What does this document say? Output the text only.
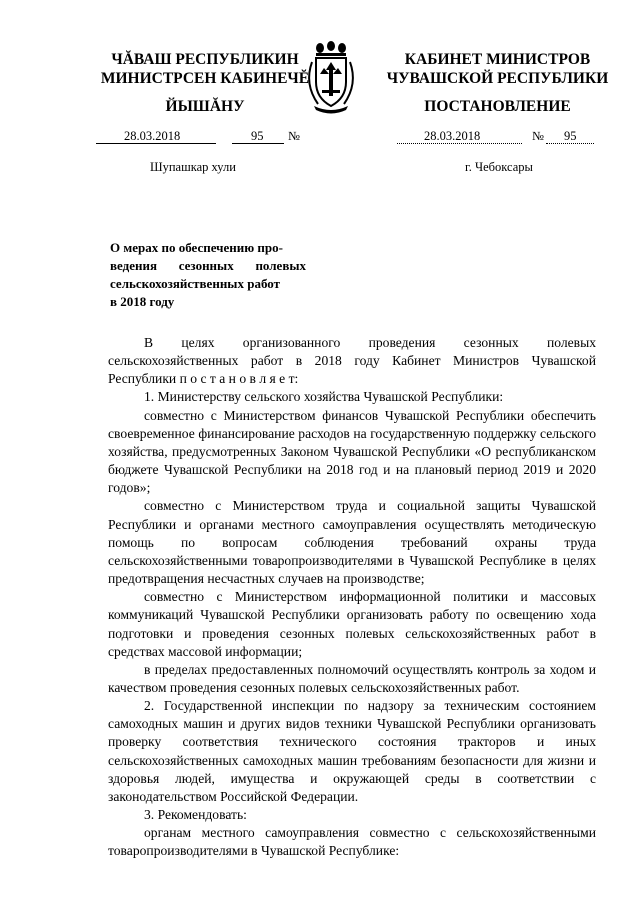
ЧĂВАШ РЕСПУБЛИКИН
МИНИСТРСЕН КАБИНЕЧĔ
ЙЫШĂНУ
КАБИНЕТ МИНИСТРОВ
ЧУВАШСКОЙ РЕСПУБЛИКИ
ПОСТАНОВЛЕНИЕ
28.03.2018	95 №	28.03.2018	№ 95
Шупашкар хули	г. Чебоксары
О мерах по обеспечению про-
ведения сезонных полевых
сельскохозяйственных работ
в 2018 году

В целях организованного проведения сезонных полевых сельскохозяйственных работ в 2018 году Кабинет Министров Чувашской Республики п о с т а н о в л я е т:

1. Министерству сельского хозяйства Чувашской Республики:

совместно с Министерством финансов Чувашской Республики обеспечить своевременное финансирование расходов на государственную поддержку сельского хозяйства, предусмотренных Законом Чувашской Республики «О республиканском бюджете Чувашской Республики на 2018 год и на плановый период 2019 и 2020 годов»;

совместно с Министерством труда и социальной защиты Чувашской Республики и органами местного самоуправления осуществлять методическую помощь по вопросам соблюдения требований охраны труда сельскохозяйственными товаропроизводителями в Чувашской Республике в целях предотвращения несчастных случаев на производстве;

совместно с Министерством информационной политики и массовых коммуникаций Чувашской Республики организовать работу по освещению хода подготовки и проведения сезонных полевых сельскохозяйственных работ в средствах массовой информации;

в пределах предоставленных полномочий осуществлять контроль за ходом и качеством проведения сезонных полевых сельскохозяйственных работ.

2. Государственной инспекции по надзору за техническим состоянием самоходных машин и других видов техники Чувашской Республики организовать проверку соответствия технического состояния тракторов и иных сельскохозяйственных самоходных машин требованиям безопасности для жизни и здоровья людей, имущества и окружающей среды в соответствии с законодательством Российской Федерации.

3. Рекомендовать:

органам местного самоуправления совместно с сельскохозяйственными товаропроизводителями в Чувашской Республике:
